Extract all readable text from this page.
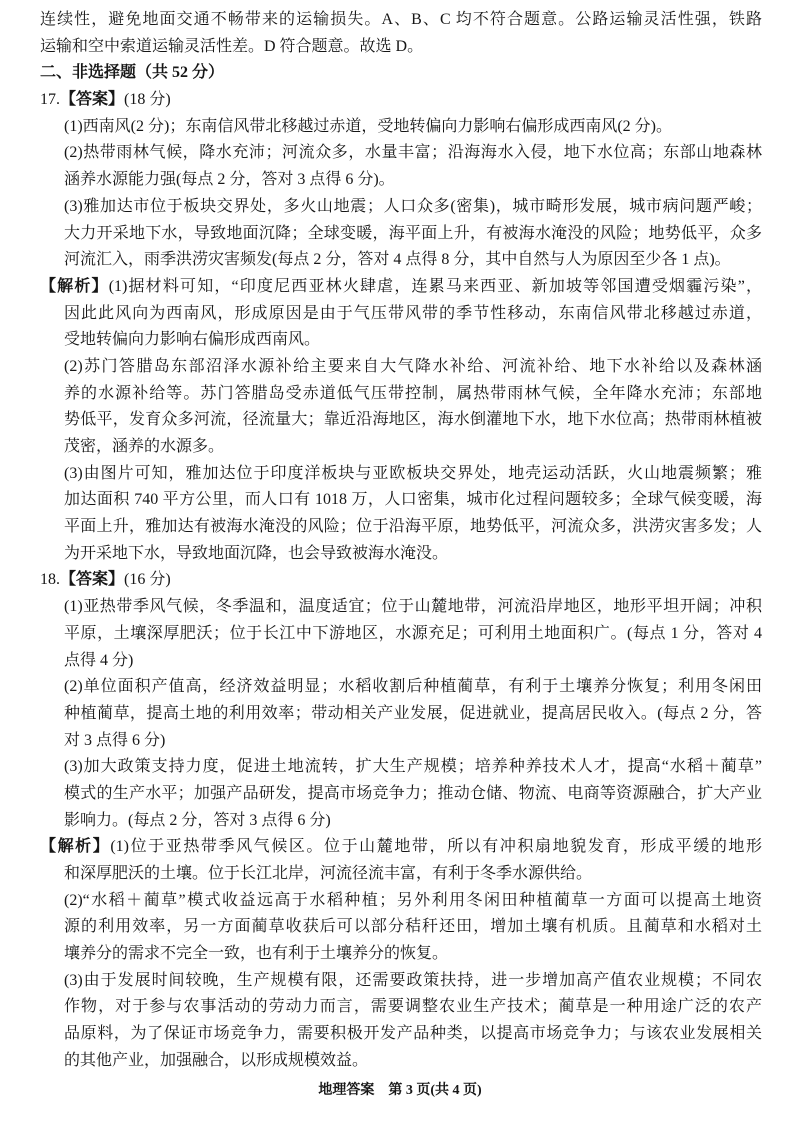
连续性，避免地面交通不畅带来的运输损失。A、B、C 均不符合题意。公路运输灵活性强，铁路
运输和空中索道运输灵活性差。D 符合题意。故选 D。
二、非选择题（共 52 分）
17.【答案】(18 分)
(1)西南风(2 分)；东南信风带北移越过赤道，受地转偏向力影响右偏形成西南风(2 分)。
(2)热带雨林气候，降水充沛；河流众多，水量丰富；沿海海水入侵，地下水位高；东部山地森林
涵养水源能力强(每点 2 分，答对 3 点得 6 分)。
(3)雅加达市位于板块交界处，多火山地震；人口众多(密集)，城市畸形发展，城市病问题严峻；
大力开采地下水，导致地面沉降；全球变暖，海平面上升，有被海水淹没的风险；地势低平，众多
河流汇入，雨季洪涝灾害频发(每点 2 分，答对 4 点得 8 分，其中自然与人为原因至少各 1 点)。
【解析】(1)据材料可知，“印度尼西亚林火肆虐，连累马来西亚、新加坡等邻国遭受烟霾污染”，
因此此风向为西南风，形成原因是由于气压带风带的季节性移动，东南信风带北移越过赤道，
受地转偏向力影响右偏形成西南风。
(2)苏门答腊岛东部沼泽水源补给主要来自大气降水补给、河流补给、地下水补给以及森林涵
养的水源补给等。苏门答腊岛受赤道低气压带控制，属热带雨林气候，全年降水充沛；东部地
势低平，发育众多河流，径流量大；靠近沿海地区，海水倒灌地下水，地下水位高；热带雨林植被
茂密，涵养的水源多。
(3)由图片可知，雅加达位于印度洋板块与亚欧板块交界处，地壳运动活跃，火山地震频繁；雅
加达面积 740 平方公里，而人口有 1018 万，人口密集，城市化过程问题较多；全球气候变暖，海
平面上升，雅加达有被海水淹没的风险；位于沿海平原，地势低平，河流众多，洪涝灾害多发；人
为开采地下水，导致地面沉降，也会导致被海水淹没。
18.【答案】(16 分)
(1)亚热带季风气候，冬季温和，温度适宜；位于山麓地带，河流沿岸地区，地形平坦开阔；冲积
平原，土壤深厚肥沃；位于长江中下游地区，水源充足；可利用土地面积广。(每点 1 分，答对 4
点得 4 分)
(2)单位面积产值高，经济效益明显；水稻收割后种植蔺草，有利于土壤养分恢复；利用冬闲田
种植蔺草，提高土地的利用效率；带动相关产业发展，促进就业，提高居民收入。(每点 2 分，答
对 3 点得 6 分)
(3)加大政策支持力度，促进土地流转，扩大生产规模；培养种养技术人才，提高“水稻＋蔺草”
模式的生产水平；加强产品研发，提高市场竞争力；推动仓储、物流、电商等资源融合，扩大产业
影响力。(每点 2 分，答对 3 点得 6 分)
【解析】(1)位于亚热带季风气候区。位于山麓地带，所以有冲积扇地貌发育，形成平缓的地形
和深厚肥沃的土壤。位于长江北岸，河流径流丰富，有利于冬季水源供给。
(2)“水稻＋蔺草”模式收益远高于水稻种植；另外利用冬闲田种植蔺草一方面可以提高土地资
源的利用效率，另一方面蔺草收获后可以部分秸秆还田，增加土壤有机质。且蔺草和水稻对土
壤养分的需求不完全一致，也有利于土壤养分的恢复。
(3)由于发展时间较晚，生产规模有限，还需要政策扶持，进一步增加高产值农业规模；不同农
作物，对于参与农事活动的劳动力而言，需要调整农业生产技术；蔺草是一种用途广泛的农产
品原料，为了保证市场竞争力，需要积极开发产品种类，以提高市场竞争力；与该农业发展相关
的其他产业，加强融合，以形成规模效益。
地理答案　第 3 页(共 4 页)
